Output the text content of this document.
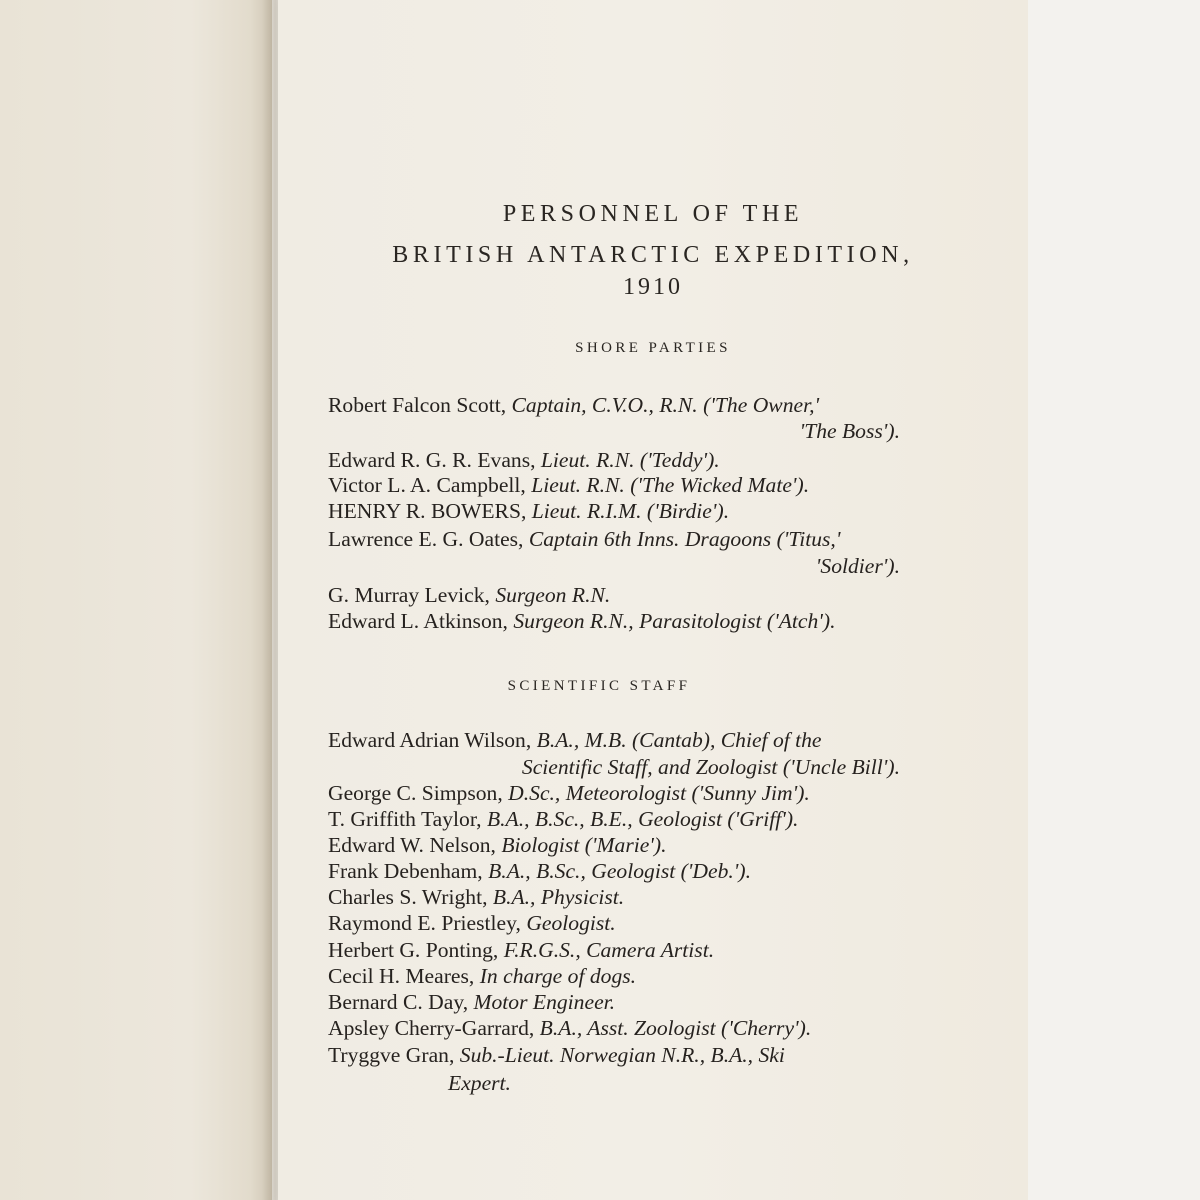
PERSONNEL OF THE
BRITISH ANTARCTIC EXPEDITION,
1910
SHORE PARTIES
SCIENTIFIC STAFF
Robert Falcon Scott, Captain, C.V.O., R.N. ('The Owner,'
'The Boss').
Edward R. G. R. Evans, Lieut. R.N. ('Teddy').
Victor L. A. Campbell, Lieut. R.N. ('The Wicked Mate').
HENRY R. BOWERS, Lieut. R.I.M. ('Birdie').
Lawrence E. G. Oates, Captain 6th Inns. Dragoons ('Titus,'
'Soldier').
G. Murray Levick, Surgeon R.N.
Edward L. Atkinson, Surgeon R.N., Parasitologist ('Atch').
Edward Adrian Wilson, B.A., M.B. (Cantab), Chief of the
Scientific Staff, and Zoologist ('Uncle Bill').
George C. Simpson, D.Sc., Meteorologist ('Sunny Jim').
T. Griffith Taylor, B.A., B.Sc., B.E., Geologist ('Griff').
Edward W. Nelson, Biologist ('Marie').
Frank Debenham, B.A., B.Sc., Geologist ('Deb.').
Charles S. Wright, B.A., Physicist.
Raymond E. Priestley, Geologist.
Herbert G. Ponting, F.R.G.S., Camera Artist.
Cecil H. Meares, In charge of dogs.
Bernard C. Day, Motor Engineer.
Apsley Cherry-Garrard, B.A., Asst. Zoologist ('Cherry').
Tryggve Gran, Sub.-Lieut. Norwegian N.R., B.A., Ski
Expert.
